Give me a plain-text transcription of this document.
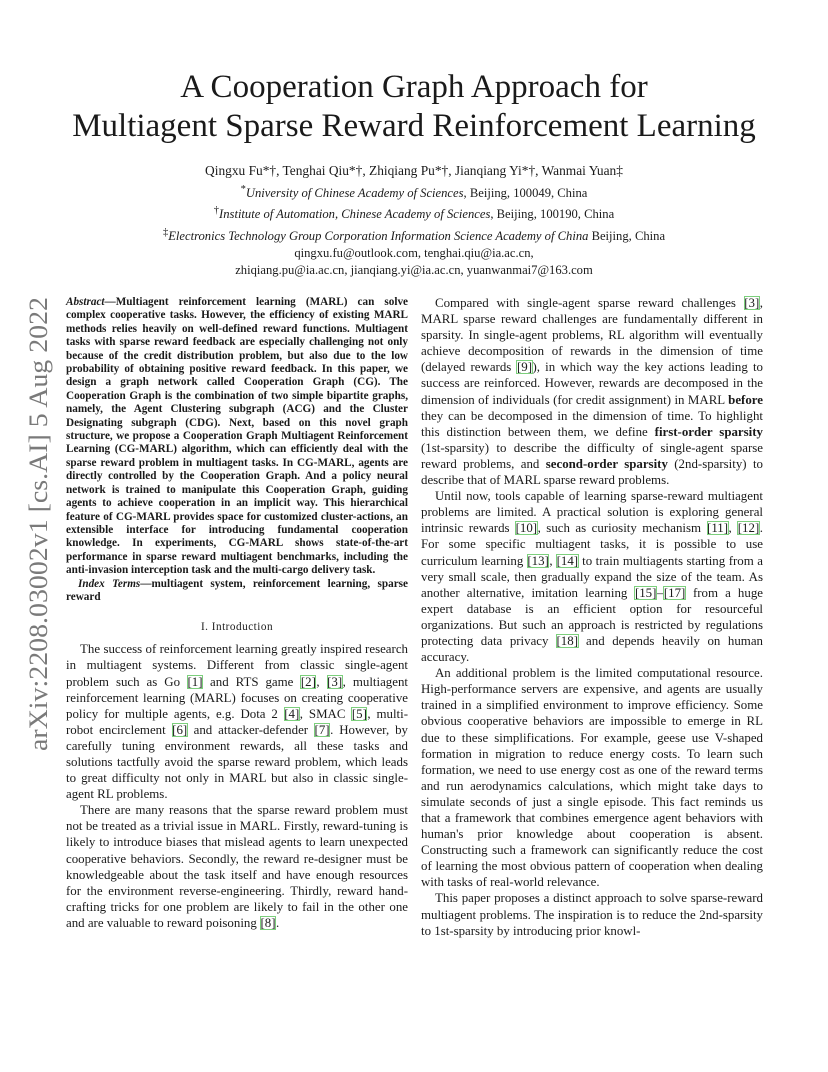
A Cooperation Graph Approach for
Multiagent Sparse Reward Reinforcement Learning
Qingxu Fu*†, Tenghai Qiu*†, Zhiqiang Pu*†, Jianqiang Yi*†, Wanmai Yuan‡
*University of Chinese Academy of Sciences, Beijing, 100049, China
†Institute of Automation, Chinese Academy of Sciences, Beijing, 100190, China
‡Electronics Technology Group Corporation Information Science Academy of China Beijing, China
qingxu.fu@outlook.com, tenghai.qiu@ia.ac.cn,
zhiqiang.pu@ia.ac.cn, jianqiang.yi@ia.ac.cn, yuanwanmai7@163.com
arXiv:2208.03002v1 [cs.AI] 5 Aug 2022

Abstract—Multiagent reinforcement learning (MARL) can solve complex cooperative tasks. However, the efficiency of existing MARL methods relies heavily on well-defined reward functions. Multiagent tasks with sparse reward feedback are especially challenging not only because of the credit distribution problem, but also due to the low probability of obtaining positive reward feedback. In this paper, we design a graph network called Cooperation Graph (CG). The Cooperation Graph is the combination of two simple bipartite graphs, namely, the Agent Clustering subgraph (ACG) and the Cluster Designating subgraph (CDG). Next, based on this novel graph structure, we propose a Cooperation Graph Multiagent Reinforcement Learning (CG-MARL) algorithm, which can efficiently deal with the sparse reward problem in multiagent tasks. In CG-MARL, agents are directly controlled by the Cooperation Graph. And a policy neural network is trained to manipulate this Cooperation Graph, guiding agents to achieve cooperation in an implicit way. This hierarchical feature of CG-MARL provides space for customized cluster-actions, an extensible interface for introducing fundamental cooperation knowledge. In experiments, CG-MARL shows state-of-the-art performance in sparse reward multiagent benchmarks, including the anti-invasion interception task and the multi-cargo delivery task.

Index Terms—multiagent system, reinforcement learning, sparse reward

I. Introduction

The success of reinforcement learning greatly inspired research in multiagent systems. Different from classic single-agent problem such as Go [1] and RTS game [2], [3], multiagent reinforcement learning (MARL) focuses on creating cooperative policy for multiple agents, e.g. Dota 2 [4], SMAC [5], multi-robot encirclement [6] and attacker-defender [7]. However, by carefully tuning environment rewards, all these tasks and solutions tactfully avoid the sparse reward problem, which leads to great difficulty not only in MARL but also in classic single-agent RL problems.

There are many reasons that the sparse reward problem must not be treated as a trivial issue in MARL. Firstly, reward-tuning is likely to introduce biases that mislead agents to learn unexpected cooperative behaviors. Secondly, the reward re-designer must be knowledgeable about the task itself and have enough resources for the environment reverse-engineering. Thirdly, reward hand-crafting tricks for one problem are likely to fail in the other one and are valuable to reward poisoning [8].

Compared with single-agent sparse reward challenges [3], MARL sparse reward challenges are fundamentally different in sparsity. In single-agent problems, RL algorithm will eventually achieve decomposition of rewards in the dimension of time (delayed rewards [9]), in which way the key actions leading to success are reinforced. However, rewards are decomposed in the dimension of individuals (for credit assignment) in MARL before they can be decomposed in the dimension of time. To highlight this distinction between them, we define first-order sparsity (1st-sparsity) to describe the difficulty of single-agent sparse reward problems, and second-order sparsity (2nd-sparsity) to describe that of MARL sparse reward problems.

Until now, tools capable of learning sparse-reward multiagent problems are limited. A practical solution is exploring general intrinsic rewards [10], such as curiosity mechanism [11], [12]. For some specific multiagent tasks, it is possible to use curriculum learning [13], [14] to train multiagents starting from a very small scale, then gradually expand the size of the team. As another alternative, imitation learning [15]–[17] from a huge expert database is an efficient option for resourceful organizations. But such an approach is restricted by regulations protecting data privacy [18] and depends heavily on human accuracy.

An additional problem is the limited computational resource. High-performance servers are expensive, and agents are usually trained in a simplified environment to improve efficiency. Some obvious cooperative behaviors are impossible to emerge in RL due to these simplifications. For example, geese use V-shaped formation in migration to reduce energy costs. To learn such formation, we need to use energy cost as one of the reward terms and run aerodynamics calculations, which might take days to simulate seconds of just a single episode. This fact reminds us that a framework that combines emergence agent behaviors with human's prior knowledge about cooperation is absent. Constructing such a framework can significantly reduce the cost of learning the most obvious pattern of cooperation when dealing with tasks of real-world relevance.

This paper proposes a distinct approach to solve sparse-reward multiagent problems. The inspiration is to reduce the 2nd-sparsity to 1st-sparsity by introducing prior knowl-
